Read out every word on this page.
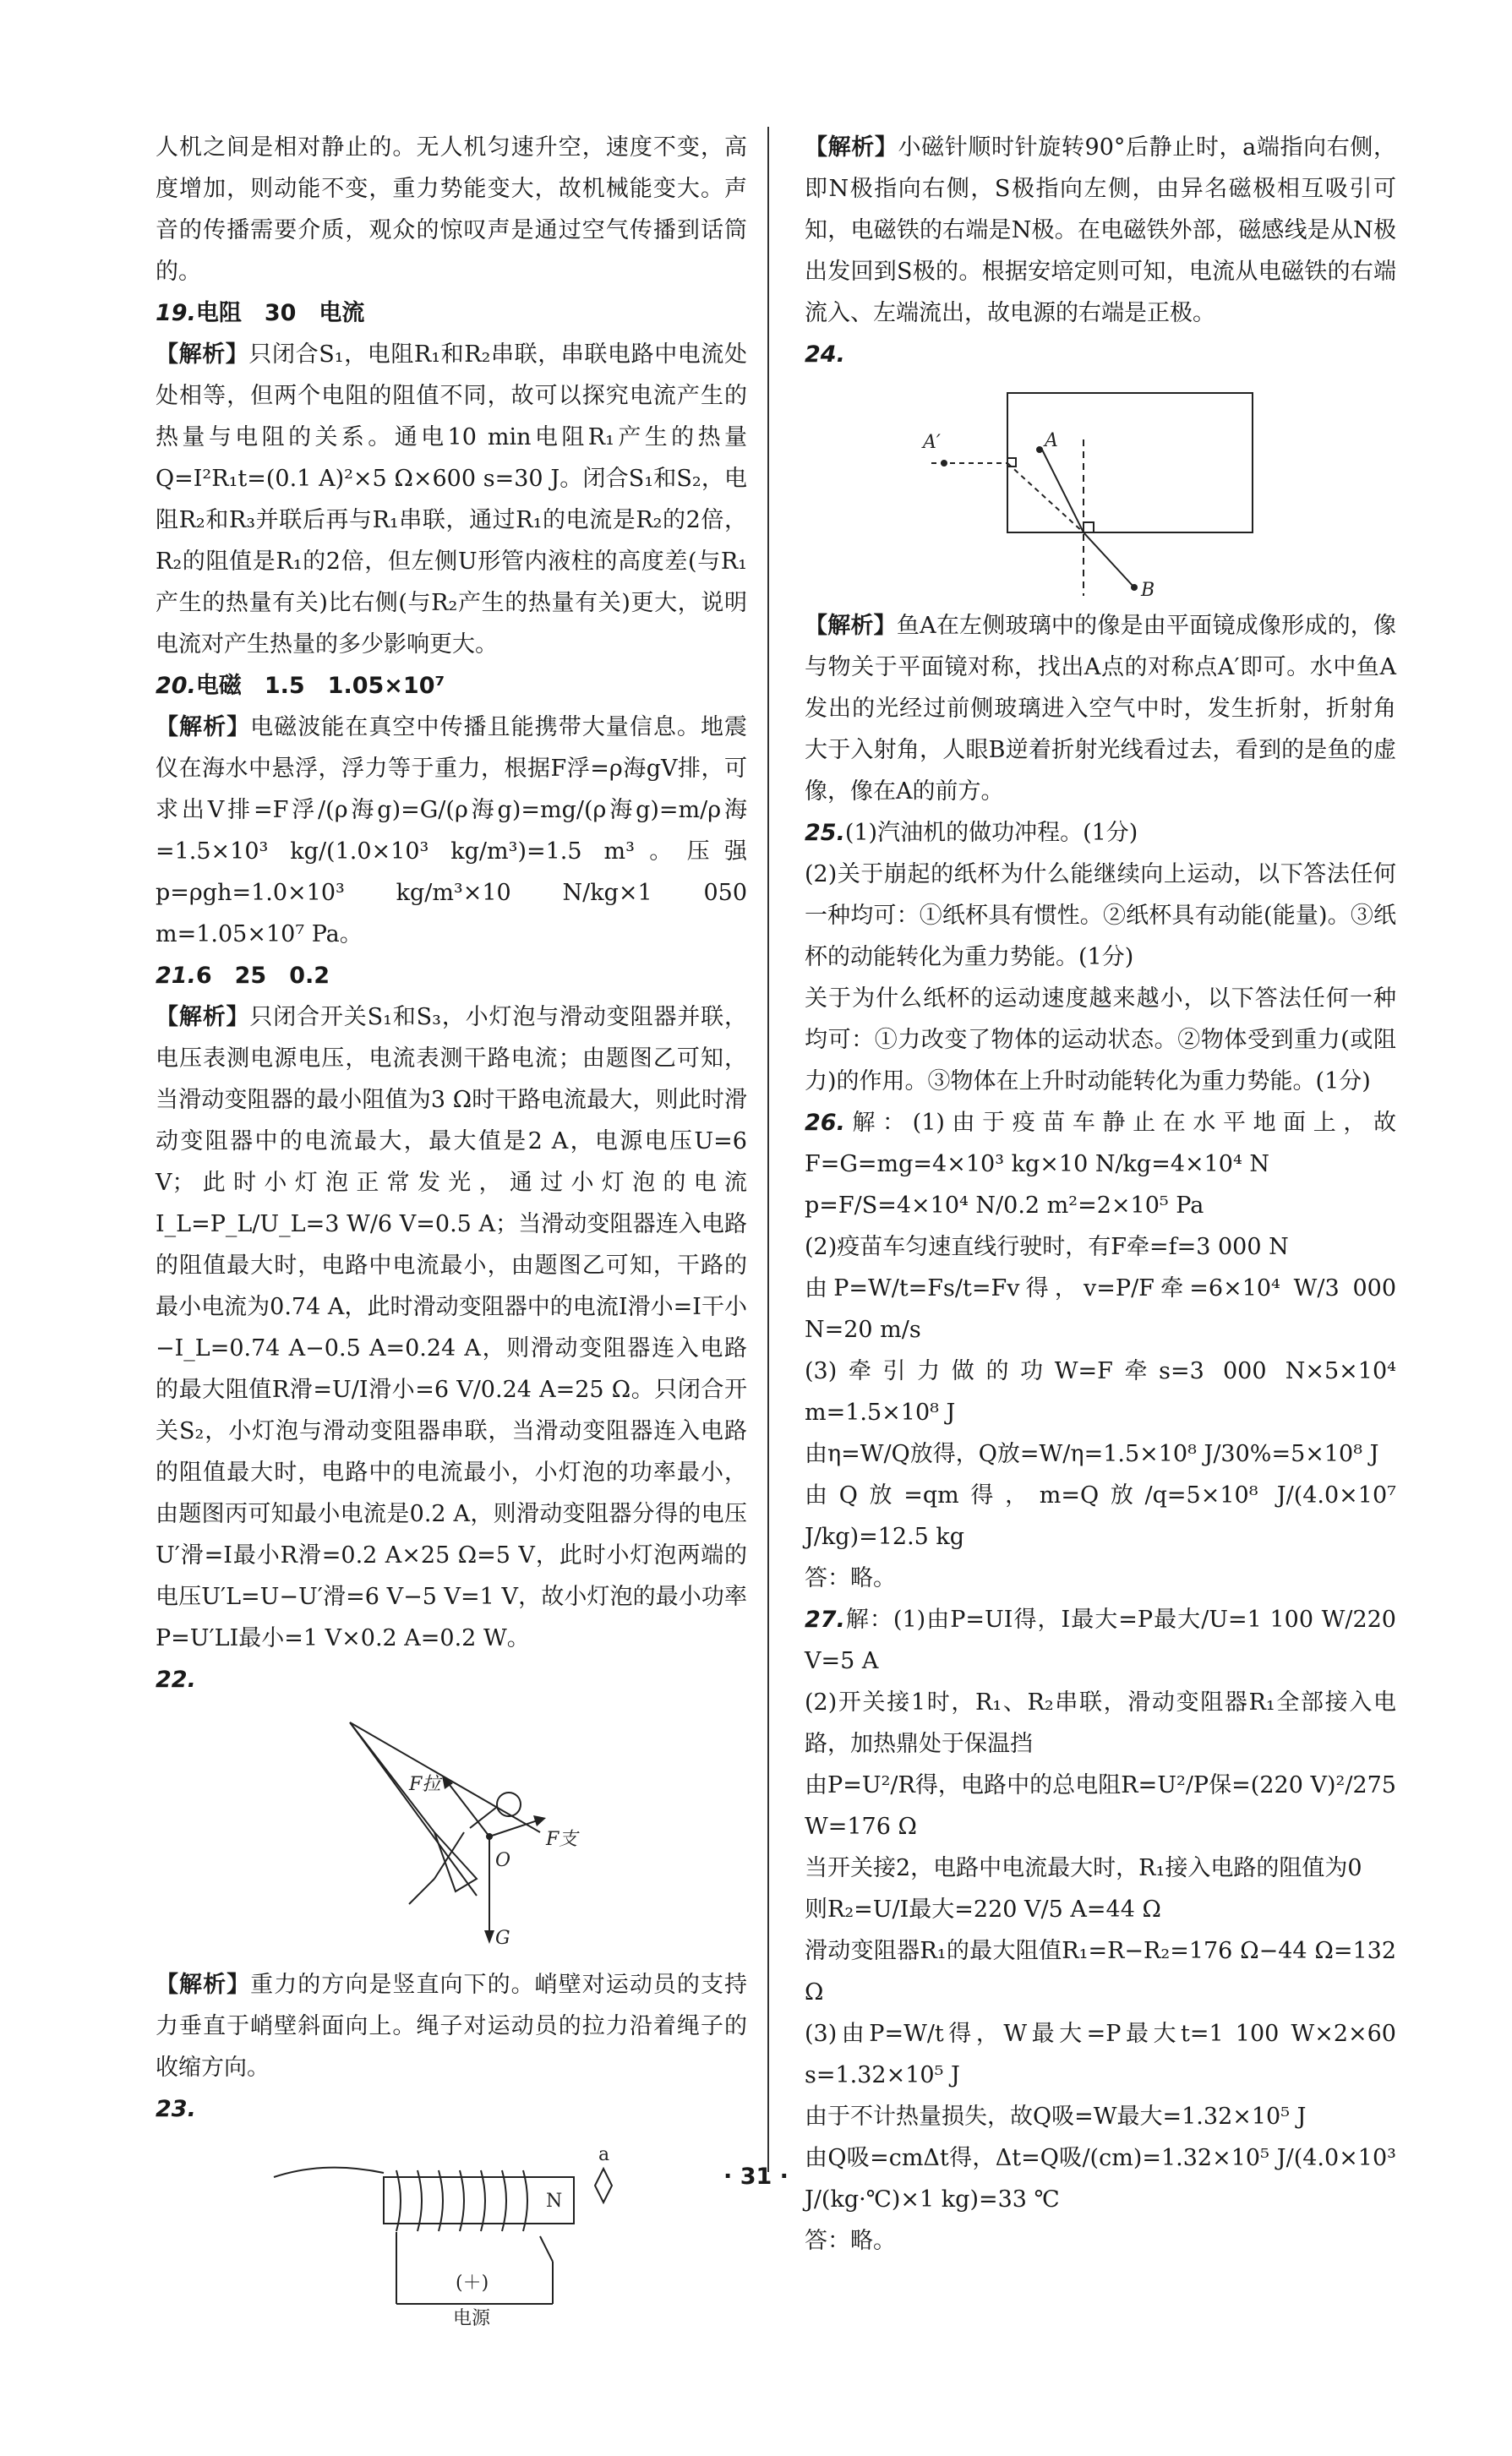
人机之间是相对静止的。无人机匀速升空，速度不变，高度增加，则动能不变，重力势能变大，故机械能变大。声音的传播需要介质，观众的惊叹声是通过空气传播到话筒的。

19.电阻　30　电流

【解析】只闭合S₁，电阻R₁和R₂串联，串联电路中电流处处相等，但两个电阻的阻值不同，故可以探究电流产生的热量与电阻的关系。通电10 min电阻R₁产生的热量Q=I²R₁t=(0.1 A)²×5 Ω×600 s=30 J。闭合S₁和S₂，电阻R₂和R₃并联后再与R₁串联，通过R₁的电流是R₂的2倍，R₂的阻值是R₁的2倍，但左侧U形管内液柱的高度差(与R₁产生的热量有关)比右侧(与R₂产生的热量有关)更大，说明电流对产生热量的多少影响更大。

20.电磁　1.5　1.05×10⁷

【解析】电磁波能在真空中传播且能携带大量信息。地震仪在海水中悬浮，浮力等于重力，根据F浮=ρ海gV排，可求出V排=F浮/(ρ海g)=G/(ρ海g)=mg/(ρ海g)=m/ρ海=1.5×10³ kg/(1.0×10³ kg/m³)=1.5 m³。压强p=ρgh=1.0×10³ kg/m³×10 N/kg×1 050 m=1.05×10⁷ Pa。

21.6　25　0.2

【解析】只闭合开关S₁和S₃，小灯泡与滑动变阻器并联，电压表测电源电压，电流表测干路电流；由题图乙可知，当滑动变阻器的最小阻值为3 Ω时干路电流最大，则此时滑动变阻器中的电流最大，最大值是2 A，电源电压U=6 V；此时小灯泡正常发光，通过小灯泡的电流I_L=P_L/U_L=3 W/6 V=0.5 A；当滑动变阻器连入电路的阻值最大时，电路中电流最小，由题图乙可知，干路的最小电流为0.74 A，此时滑动变阻器中的电流I滑小=I干小−I_L=0.74 A−0.5 A=0.24 A，则滑动变阻器连入电路的最大阻值R滑=U/I滑小=6 V/0.24 A=25 Ω。只闭合开关S₂，小灯泡与滑动变阻器串联，当滑动变阻器连入电路的阻值最大时，电路中的电流最小，小灯泡的功率最小，由题图丙可知最小电流是0.2 A，则滑动变阻器分得的电压U′滑=I最小R滑=0.2 A×25 Ω=5 V，此时小灯泡两端的电压U′L=U−U′滑=6 V−5 V=1 V，故小灯泡的最小功率P=U′LI最小=1 V×0.2 A=0.2 W。

22.

F拉
F支
O
G

【解析】重力的方向是竖直向下的。峭壁对运动员的支持力垂直于峭壁斜面向上。绳子对运动员的拉力沿着绳子的收缩方向。

23.

N
a
(＋)
电源

【解析】小磁针顺时针旋转90°后静止时，a端指向右侧，即N极指向右侧，S极指向左侧，由异名磁极相互吸引可知，电磁铁的右端是N极。在电磁铁外部，磁感线是从N极出发回到S极的。根据安培定则可知，电流从电磁铁的右端流入、左端流出，故电源的右端是正极。

24.

A′	A
B

【解析】鱼A在左侧玻璃中的像是由平面镜成像形成的，像与物关于平面镜对称，找出A点的对称点A′即可。水中鱼A发出的光经过前侧玻璃进入空气中时，发生折射，折射角大于入射角，人眼B逆着折射光线看过去，看到的是鱼的虚像，像在A的前方。

25.(1)汽油机的做功冲程。(1分)

(2)关于崩起的纸杯为什么能继续向上运动，以下答法任何一种均可：①纸杯具有惯性。②纸杯具有动能(能量)。③纸杯的动能转化为重力势能。(1分)

关于为什么纸杯的运动速度越来越小，以下答法任何一种均可：①力改变了物体的运动状态。②物体受到重力(或阻力)的作用。③物体在上升时动能转化为重力势能。(1分)

26.解：(1)由于疫苗车静止在水平地面上，故F=G=mg=4×10³ kg×10 N/kg=4×10⁴ N

p=F/S=4×10⁴ N/0.2 m²=2×10⁵ Pa

(2)疫苗车匀速直线行驶时，有F牵=f=3 000 N

由P=W/t=Fs/t=Fv得，v=P/F牵=6×10⁴ W/3 000 N=20 m/s

(3)牵引力做的功W=F牵s=3 000 N×5×10⁴ m=1.5×10⁸ J

由η=W/Q放得，Q放=W/η=1.5×10⁸ J/30%=5×10⁸ J

由Q放=qm得，m=Q放/q=5×10⁸ J/(4.0×10⁷ J/kg)=12.5 kg

答：略。

27.解：(1)由P=UI得，I最大=P最大/U=1 100 W/220 V=5 A

(2)开关接1时，R₁、R₂串联，滑动变阻器R₁全部接入电路，加热鼎处于保温挡

由P=U²/R得，电路中的总电阻R=U²/P保=(220 V)²/275 W=176 Ω

当开关接2，电路中电流最大时，R₁接入电路的阻值为0

则R₂=U/I最大=220 V/5 A=44 Ω

滑动变阻器R₁的最大阻值R₁=R−R₂=176 Ω−44 Ω=132 Ω

(3)由P=W/t得，W最大=P最大t=1 100 W×2×60 s=1.32×10⁵ J

由于不计热量损失，故Q吸=W最大=1.32×10⁵ J

由Q吸=cmΔt得，Δt=Q吸/(cm)=1.32×10⁵ J/(4.0×10³ J/(kg·℃)×1 kg)=33 ℃

答：略。

· 31 ·
